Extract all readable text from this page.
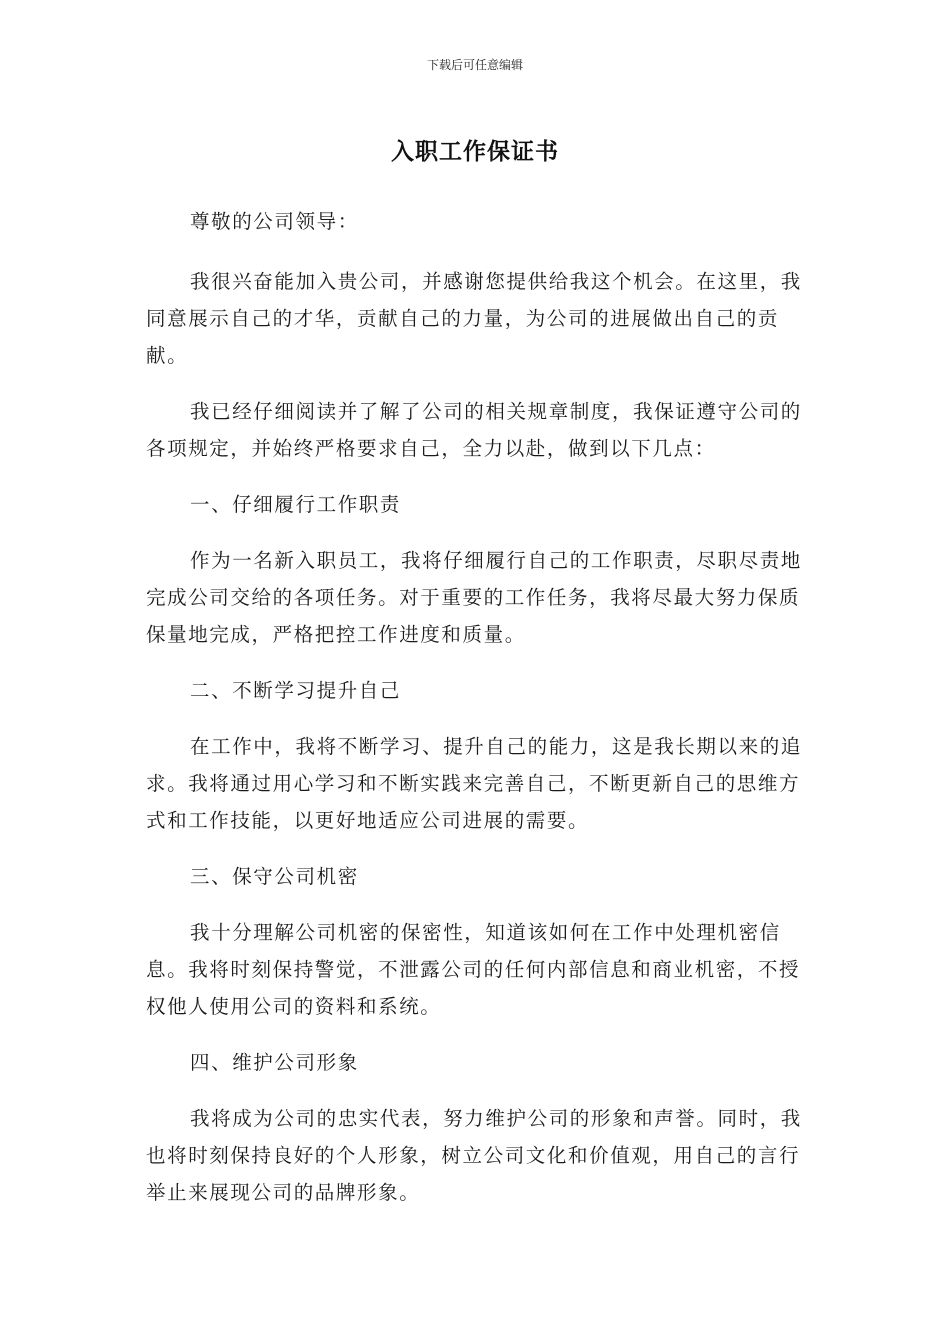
下载后可任意编辑
入职工作保证书

尊敬的公司领导：

我很兴奋能加入贵公司，并感谢您提供给我这个机会。在这里，我同意展示自己的才华，贡献自己的力量，为公司的进展做出自己的贡献。

我已经仔细阅读并了解了公司的相关规章制度，我保证遵守公司的各项规定，并始终严格要求自己，全力以赴，做到以下几点：

一、仔细履行工作职责

作为一名新入职员工，我将仔细履行自己的工作职责，尽职尽责地完成公司交给的各项任务。对于重要的工作任务，我将尽最大努力保质保量地完成，严格把控工作进度和质量。

二、不断学习提升自己

在工作中，我将不断学习、提升自己的能力，这是我长期以来的追求。我将通过用心学习和不断实践来完善自己，不断更新自己的思维方式和工作技能，以更好地适应公司进展的需要。

三、保守公司机密

我十分理解公司机密的保密性，知道该如何在工作中处理机密信息。我将时刻保持警觉，不泄露公司的任何内部信息和商业机密，不授权他人使用公司的资料和系统。

四、维护公司形象

我将成为公司的忠实代表，努力维护公司的形象和声誉。同时，我也将时刻保持良好的个人形象，树立公司文化和价值观，用自己的言行举止来展现公司的品牌形象。
